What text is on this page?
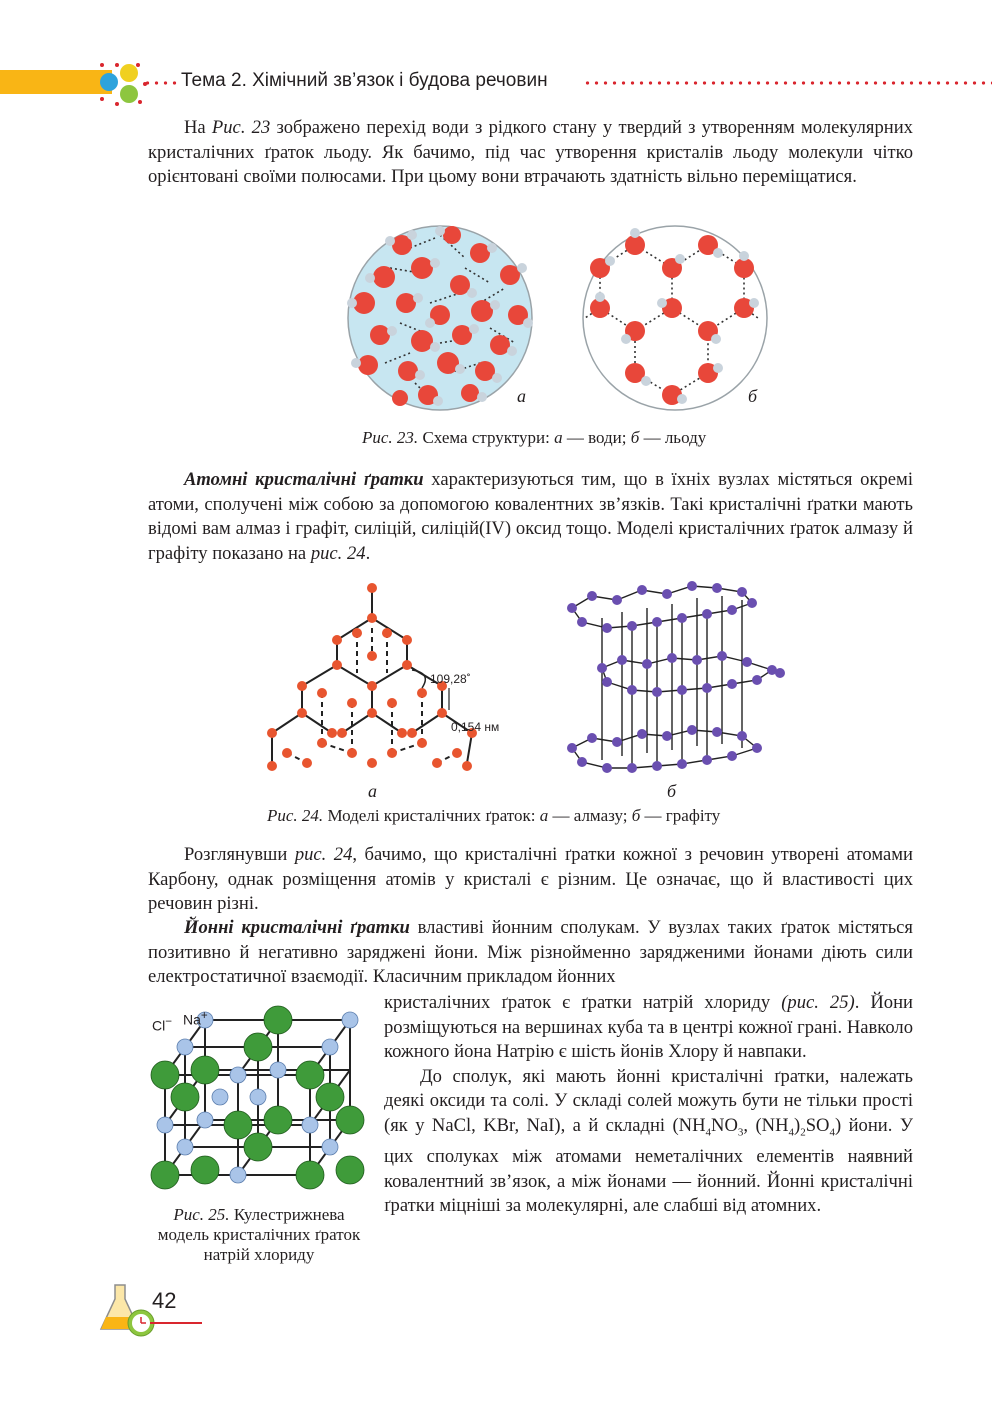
Тема 2. Хімічний зв’язок і будова речовин

На Рис. 23 зображено перехід води з рідкого стану у твердий з утворенням молекулярних кристалічних ґраток льоду. Як бачимо, під час утворення кристалів льоду молекули чітко орієнтовані своїми полюсами. При цьому вони втрачають здатність вільно переміщатися.

а	б
Рис. 23. Схема структури: а — води; б — льоду

Атомні кристалічні ґратки характеризуються тим, що в їхніх вузлах містяться окремі атоми, сполучені між собою за допомогою ковалентних зв’язків. Такі кристалічні ґратки мають відомі вам алмаз і графіт, силіцій, силіцій(IV) оксид тощо. Моделі кристалічних ґраток алмазу й графіту показано на рис. 24.

109,28˚
0,154 нм
а	б
Рис. 24. Моделі кристалічних ґраток: а — алмазу; б — графіту

Розглянувши рис. 24, бачимо, що кристалічні ґратки кожної з речовин утворені атомами Карбону, однак розміщення атомів у кристалі є різним. Це означає, що й властивості цих речовин різні.

Йонні кристалічні ґратки властиві йонним сполукам. У вузлах таких ґраток містяться позитивно й негативно заряджені йони. Між різнойменно зарядженими йонами діють сили електростатичної взаємодії. Класичним прикладом йонних

Cl− Na+
Рис. 25. Кулестрижнева модель кристалічних ґраток натрій хлориду

кристалічних ґраток є ґратки натрій хлориду (рис. 25). Йони розміщуються на вершинах куба та в центрі кожної грані. Навколо кожного йона Натрію є шість йонів Хлору й навпаки.

До сполук, які мають йонні кристалічні ґратки, належать деякі оксиди та солі. У складі солей можуть бути не тільки прості (як у NaCl, KBr, NaI), а й складні ($NH_4NO_3$, $(NH_4)_2SO_4$) йони. У цих сполуках між атомами неметалічних елементів наявний ковалентний зв’язок, а між йонами — йонний. Йонні кристалічні ґратки міцніші за молекулярні, але слабші від атомних.

42
